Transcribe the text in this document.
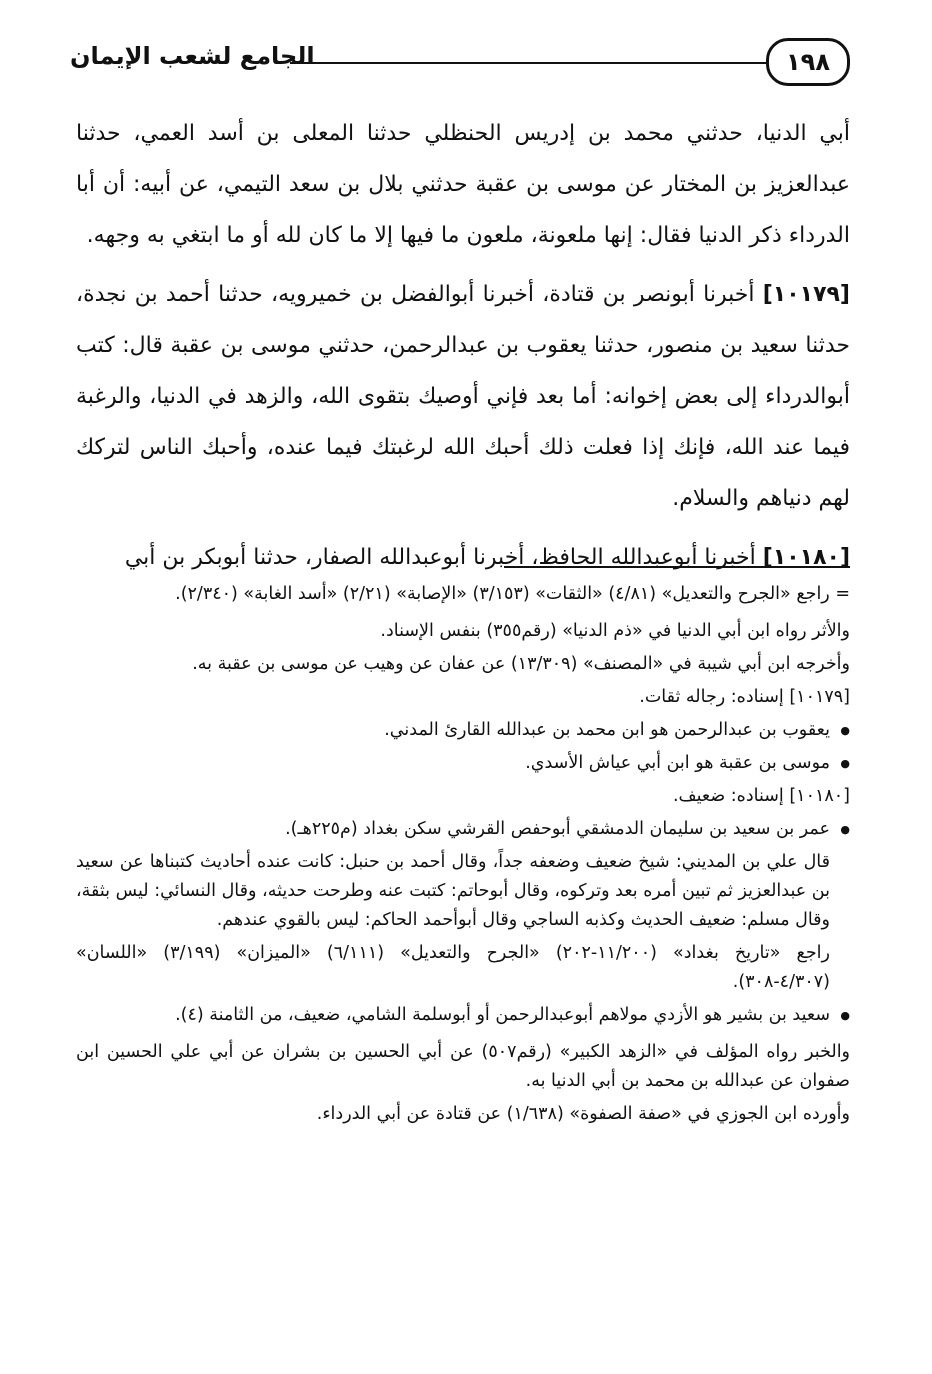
١٩٨
الجامع لشعب الإيمان

أبي الدنيا، حدثني محمد بن إدريس الحنظلي حدثنا المعلى بن أسد العمي، حدثنا عبدالعزيز بن المختار عن موسى بن عقبة حدثني بلال بن سعد التيمي، عن أبيه: أن أبا الدرداء ذكر الدنيا فقال: إنها ملعونة، ملعون ما فيها إلا ما كان لله أو ما ابتغي به وجهه.

[١٠١٧٩] أخبرنا أبونصر بن قتادة، أخبرنا أبوالفضل بن خميرويه، حدثنا أحمد بن نجدة، حدثنا سعيد بن منصور، حدثنا يعقوب بن عبدالرحمن، حدثني موسى بن عقبة قال: كتب أبوالدرداء إلى بعض إخوانه: أما بعد فإني أوصيك بتقوى الله، والزهد في الدنيا، والرغبة فيما عند الله، فإنك إذا فعلت ذلك أحبك الله لرغبتك فيما عنده، وأحبك الناس لتركك لهم دنياهم والسلام.

[١٠١٨٠] أخبرنا أبوعبدالله الحافظ، أخبرنا أبوعبدالله الصفار، حدثنا أبوبكر بن أبي

= راجع «الجرح والتعديل» (٤/٨١) «الثقات» (٣/١٥٣) «الإصابة» (٢/٢١) «أسد الغابة» (٢/٣٤٠).

والأثر رواه ابن أبي الدنيا في «ذم الدنيا» (رقم٣٥٥) بنفس الإسناد.

وأخرجه ابن أبي شيبة في «المصنف» (١٣/٣٠٩) عن عفان عن وهيب عن موسى بن عقبة به.

[١٠١٧٩] إسناده: رجاله ثقات.

● يعقوب بن عبدالرحمن هو ابن محمد بن عبدالله القارئ المدني.

● موسى بن عقبة هو ابن أبي عياش الأسدي.

[١٠١٨٠] إسناده: ضعيف.

● عمر بن سعيد بن سليمان الدمشقي أبوحفص القرشي سكن بغداد (م٢٢٥هـ).

قال علي بن المديني: شيخ ضعيف وضعفه جداً، وقال أحمد بن حنبل: كانت عنده أحاديث كتبناها عن سعيد بن عبدالعزيز ثم تبين أمره بعد وتركوه، وقال أبوحاتم: كتبت عنه وطرحت حديثه، وقال النسائي: ليس بثقة، وقال مسلم: ضعيف الحديث وكذبه الساجي وقال أبوأحمد الحاكم: ليس بالقوي عندهم.

راجع «تاريخ بغداد» (١١/٢٠٠-٢٠٢) «الجرح والتعديل» (٦/١١١) «الميزان» (٣/١٩٩) «اللسان» (٤/٣٠٧-٣٠٨).

● سعيد بن بشير هو الأزدي مولاهم أبوعبدالرحمن أو أبوسلمة الشامي، ضعيف، من الثامنة (٤).

والخبر رواه المؤلف في «الزهد الكبير» (رقم٥٠٧) عن أبي الحسين بن بشران عن أبي علي الحسين ابن صفوان عن عبدالله بن محمد بن أبي الدنيا به.

وأورده ابن الجوزي في «صفة الصفوة» (١/٦٣٨) عن قتادة عن أبي الدرداء.
